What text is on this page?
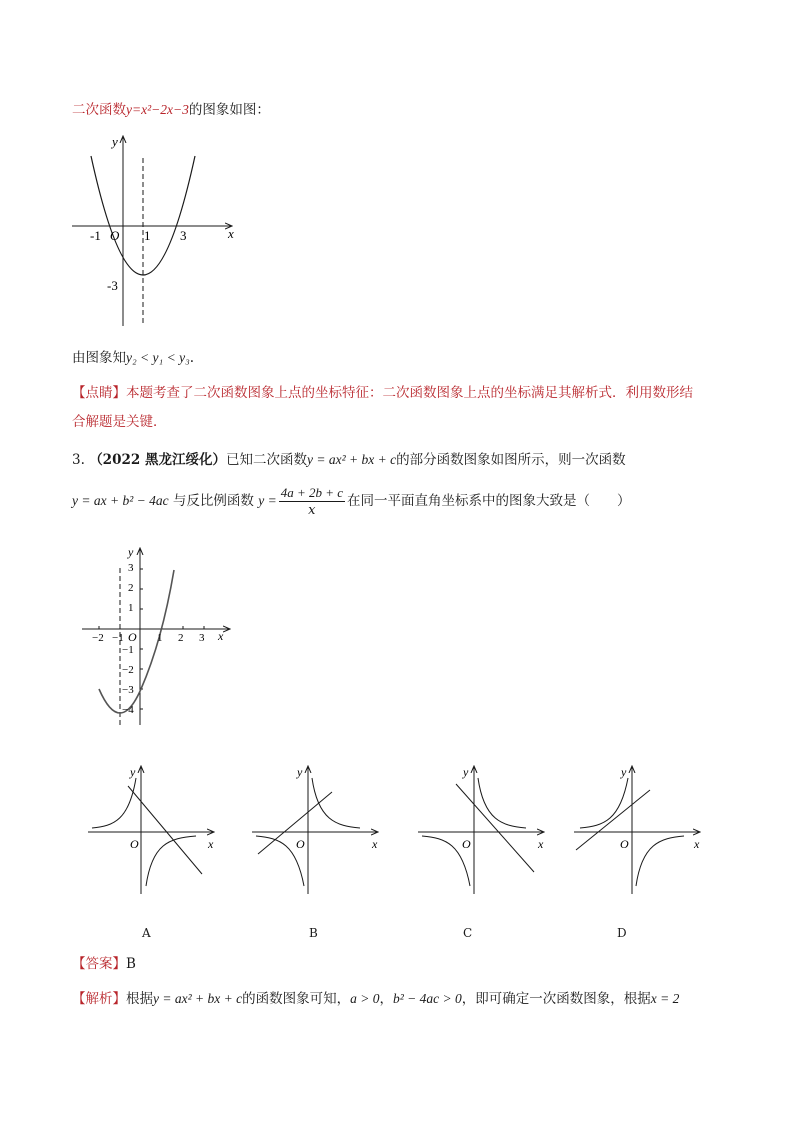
二次函数y=x²−2x−3的图象如图：
y
x
O
-1	1 3
-3
由图象知y₂ < y₁ < y₃.
【点睛】本题考查了二次函数图象上点的坐标特征：二次函数图象上点的坐标满足其解析式．利用数形结
合解题是关键．
3. （2022 黑龙江绥化）已知二次函数y = ax² + bx + c的部分函数图象如图所示，则一次函数
y = ax + b² − 4ac 与反比例函数 $y = \frac{4a + 2b + c}{x}$ 在同一平面直角坐标系中的图象大致是（　　）
y
x
O
−2 −1	1 2 3
3
2
1
−1
−2
−3
−4
y
x
O
y
x
O
y
x
O
y
x
O
A	B	C	D
【答案】B
【解析】根据y = ax² + bx + c的函数图象可知，a > 0，b² − 4ac > 0，即可确定一次函数图象，根据x = 2
